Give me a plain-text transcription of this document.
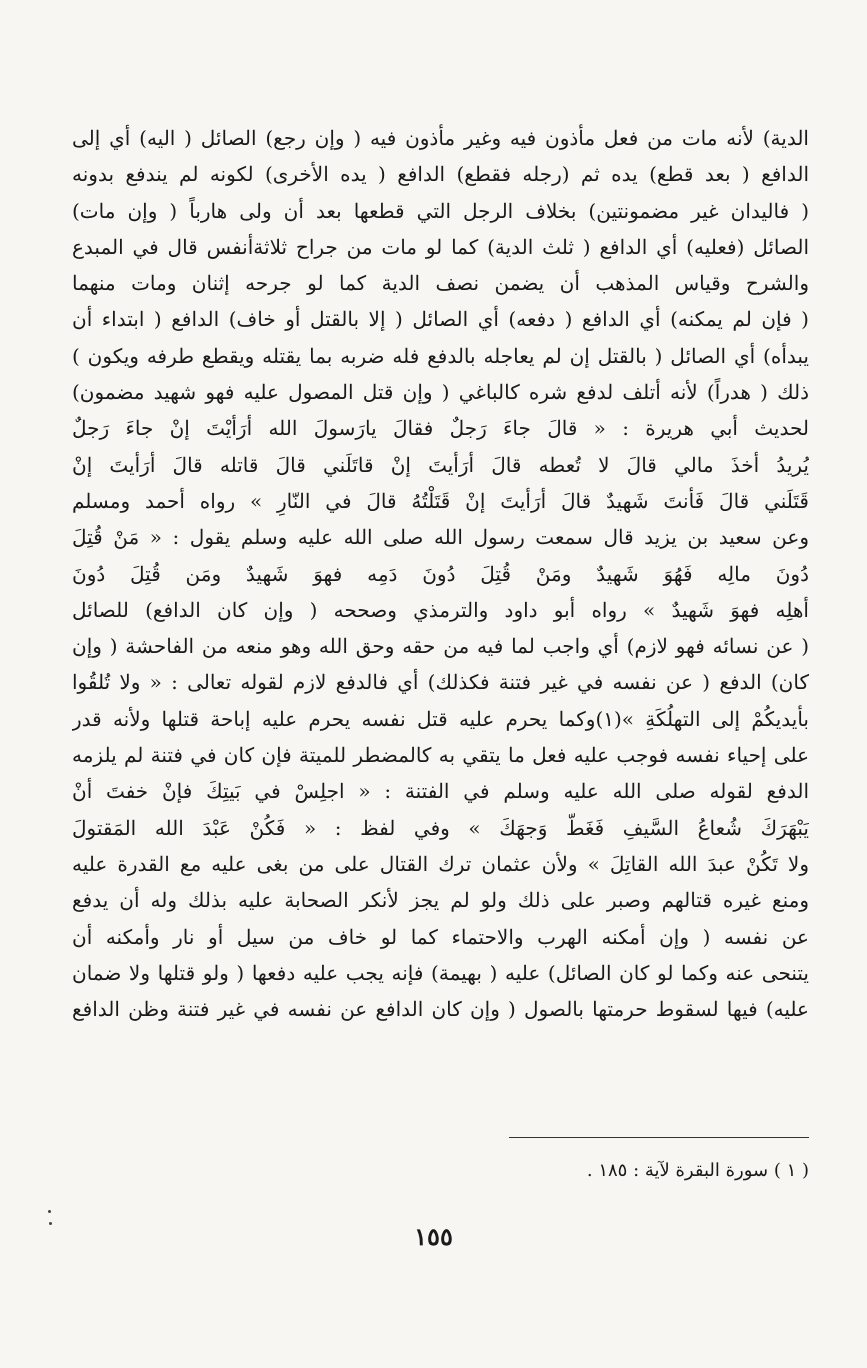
الدية) لأنه مات من فعل مأذون فيه وغير مأذون فيه ( وإن رجع) الصائل ( اليه) أي إلى
الدافع ( بعد قطع) يده ثم (رجله فقطع) الدافع ( يده الأخرى) لكونه لم يندفع بدونه
( فاليدان غير مضمونتين) بخلاف الرجل التي قطعها بعد أن ولى هارباً ( وإن مات)
الصائل (فعليه) أي الدافع ( ثلث الدية) كما لو مات من جراح ثلاثةأنفس قال في المبدع
والشرح وقياس المذهب أن يضمن نصف الدية كما لو جرحه إثنان ومات منهما
( فإن لم يمكنه) أي الدافع ( دفعه) أي الصائل ( إلا بالقتل أو خاف) الدافع ( ابتداء أن
يبدأه) أي الصائل ( بالقتل إن لم يعاجله بالدفع فله ضربه بما يقتله ويقطع طرفه ويكون )
ذلك ( هدراً) لأنه أتلف لدفع شره كالباغي ( وإن قتل المصول عليه فهو شهيد مضمون)
لحديث أبي هريرة : « قالَ جاءَ رَجلٌ فقالَ يارَسولَ الله أرَأيْتَ إنْ جاءَ رَجلٌ
يُريدُ أخذَ مالي قالَ لا تُعطه قالَ أرَأيتَ إنْ قاتَلَني قالَ قاتله قالَ أرَأيتَ إنْ
قَتَلَني قالَ فَأنتَ شَهيدٌ قالَ أرَأيتَ إنْ قَتَلْتُهُ قالَ في النّارِ » رواه أحمد ومسلم
وعن سعيد بن يزيد قال سمعت رسول الله صلى الله عليه وسلم يقول : « مَنْ قُتِلَ
دُونَ مالِه فَهُوَ شَهيدٌ ومَنْ قُتِلَ دُونَ دَمِه فهوَ شَهيدٌ ومَن قُتِلَ دُونَ
أهلِه فهوَ شَهيدٌ » رواه أبو داود والترمذي وصححه ( وإن كان الدافع) للصائل
( عن نسائه فهو لازم) أي واجب لما فيه من حقه وحق الله وهو منعه من الفاحشة ( وإن
كان) الدفع ( عن نفسه في غير فتنة فكذلك) أي فالدفع لازم لقوله تعالى : « ولا تُلقُوا
بأيديكُمْ إلى التهلُكَةِ »(١)وكما يحرم عليه قتل نفسه يحرم عليه إباحة قتلها ولأنه قدر
على إحياء نفسه فوجب عليه فعل ما يتقي به كالمضطر للميتة فإن كان في فتنة لم يلزمه
الدفع لقوله صلى الله عليه وسلم في الفتنة : « اجلِسْ في بَيتِكَ فإنْ خفتَ أنْ
يَبْهَرَكَ شُعاعُ السَّيفِ فَغَطّ وَجهَكَ » وفي لفظ : « فَكُنْ عَبْدَ الله المَقتولَ
ولا تَكُنْ عبدَ الله القاتِلَ » ولأن عثمان ترك القتال على من بغى عليه مع القدرة عليه
ومنع غيره قتالهم وصبر على ذلك ولو لم يجز لأنكر الصحابة عليه بذلك وله أن يدفع
عن نفسه ( وإن أمكنه الهرب والاحتماء كما لو خاف من سيل أو نار وأمكنه أن
يتنحى عنه وكما لو كان الصائل) عليه ( بهيمة) فإنه يجب عليه دفعها ( ولو قتلها ولا ضمان
عليه) فيها لسقوط حرمتها بالصول ( وإن كان الدافع عن نفسه في غير فتنة وظن الدافع
( ١ ) سورة البقرة لآية : ١٨٥ .
١٥٥
